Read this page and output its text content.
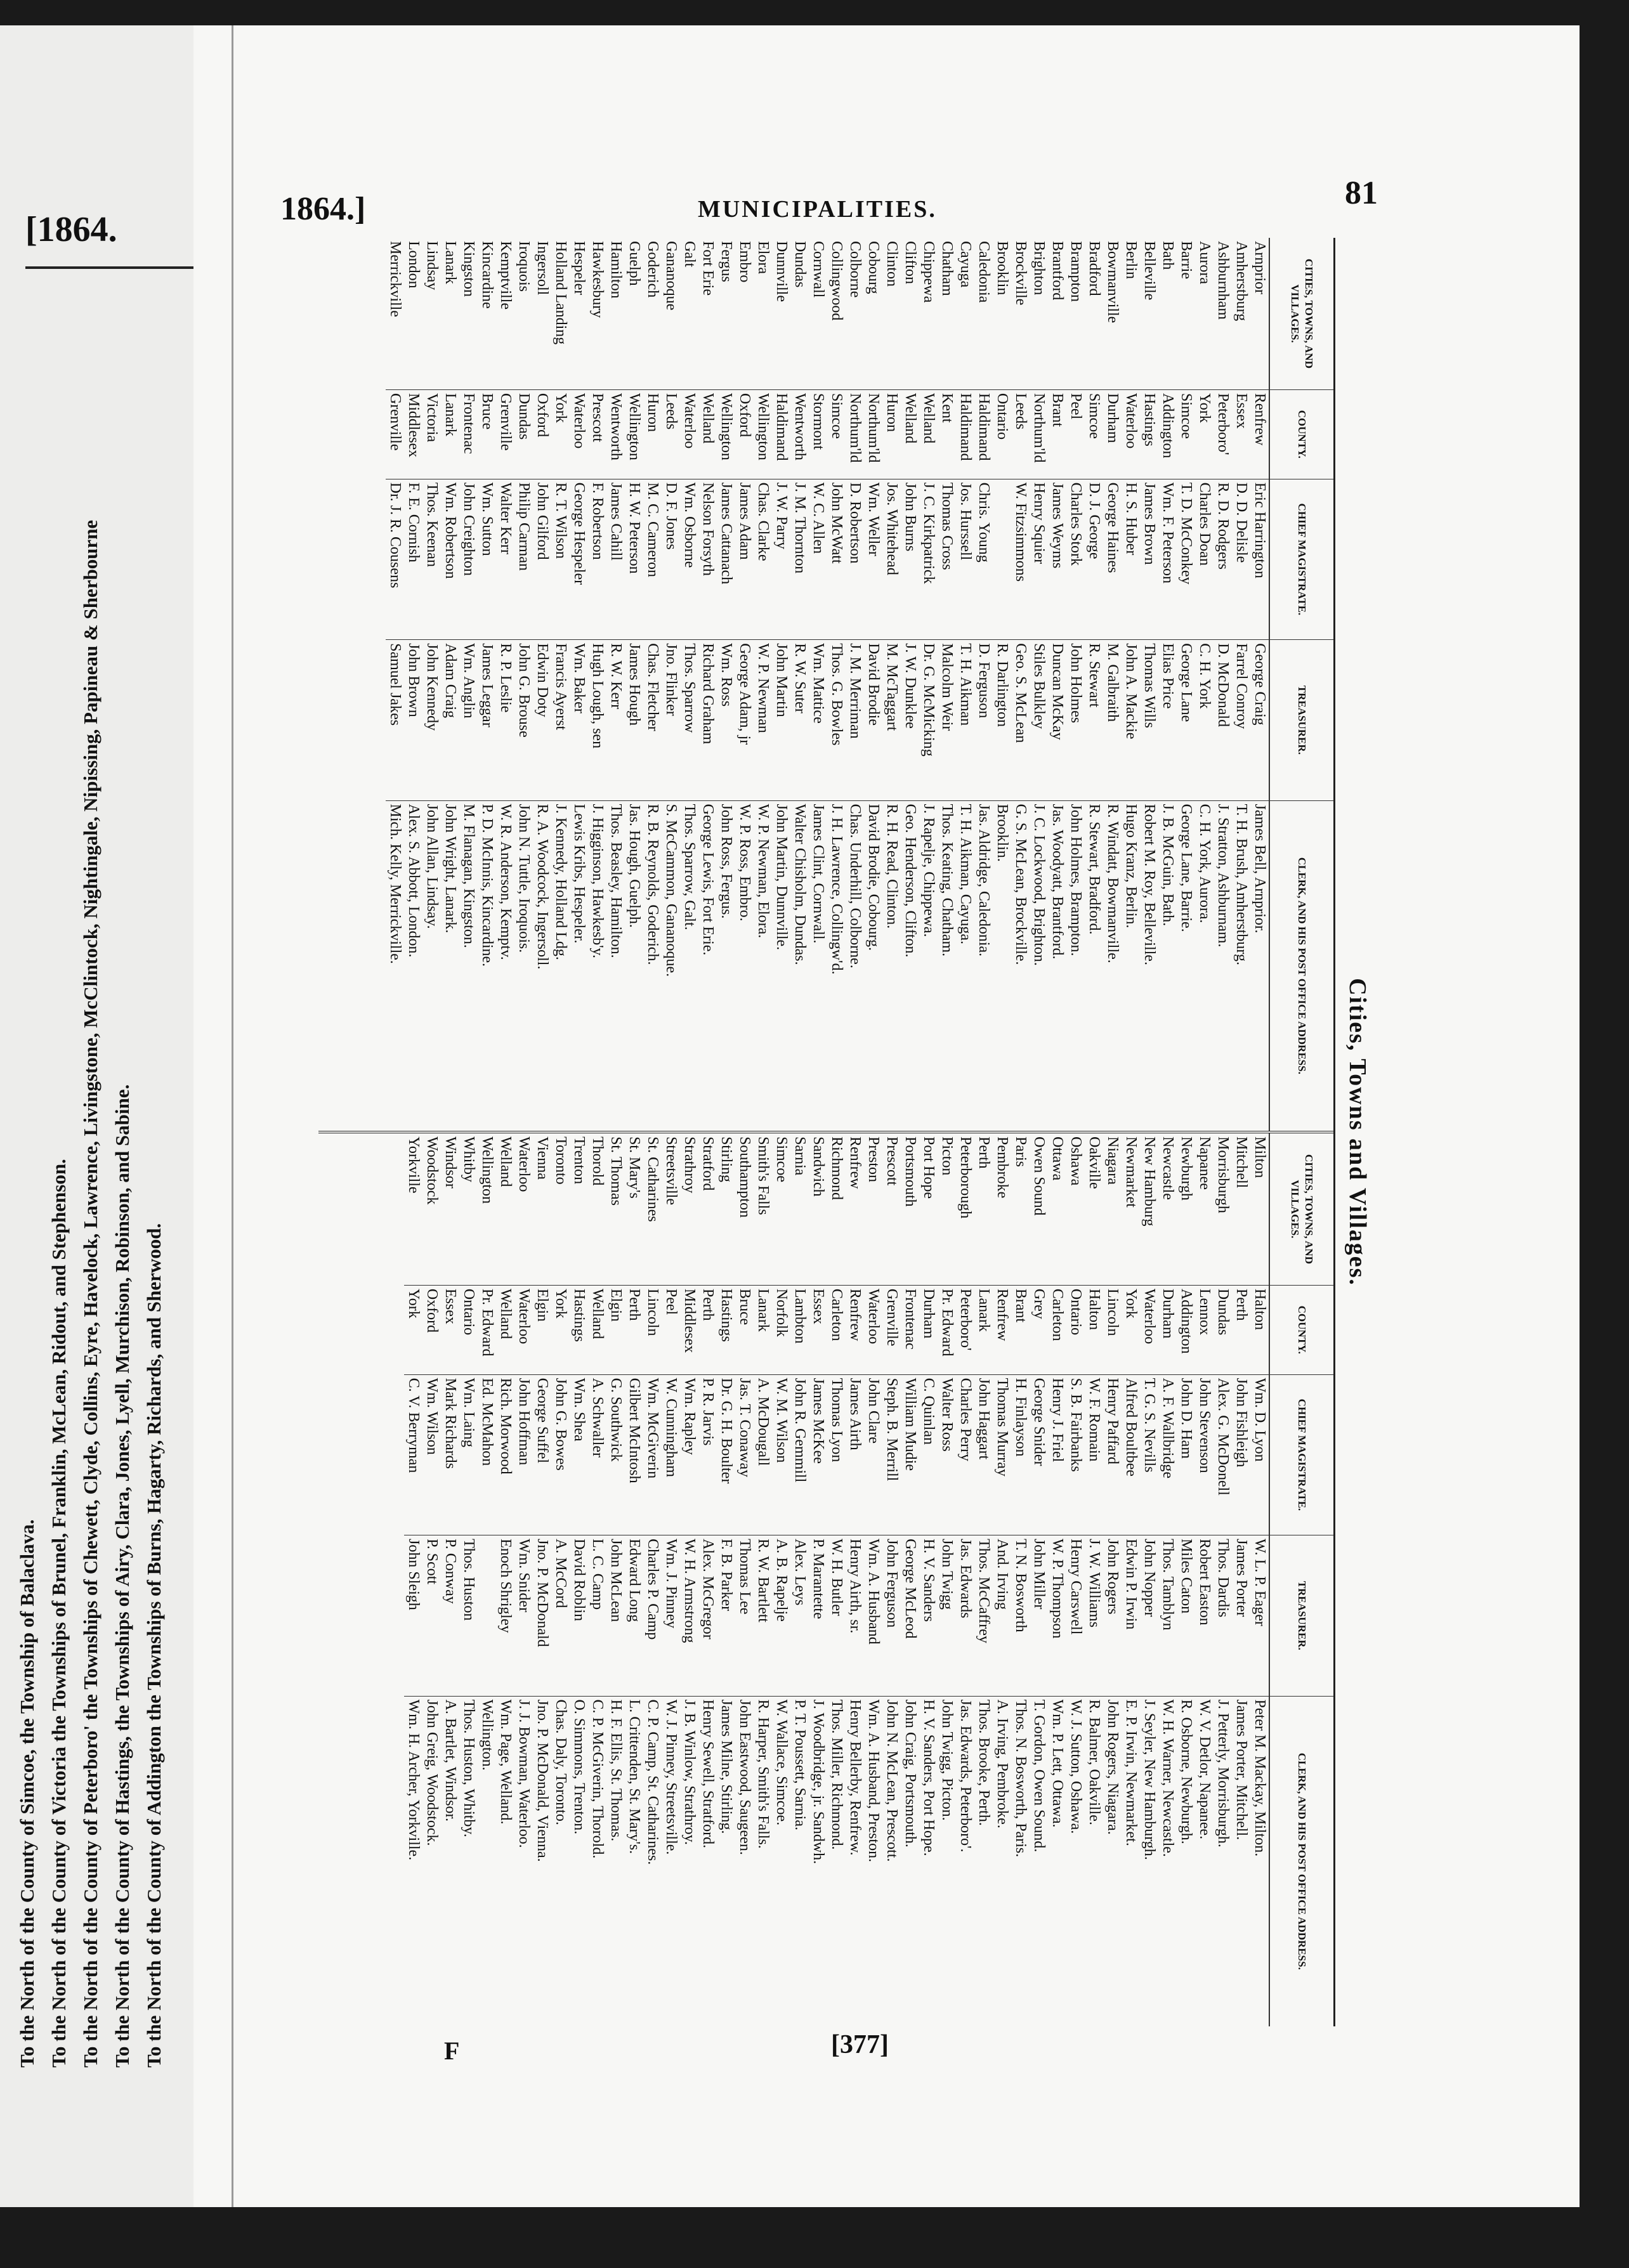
[1864.
To the North of the County of Simcoe, the Township of Balaclava. To the North of the County of Victoria the Townships of Brunel, Franklin, McLean, Ridout, and Stephenson. To the North of the County of Peterboro' the Townships of Chewett, Clyde, Collins, Eyre, Havelock, Lawrence, Livingstone, McClintock, Nightingale, Nipissing, Papineau & Sherbourne To the North of the County of Hastings, the Townships of Airy, Clara, Jones, Lyell, Murchison, Robinson, and Sabine. To the North of the County of Addington the Townships of Burns, Hagarty, Richards, and Sherwood.
1864.]	MUNICIPALITIES.	81
Cities, Towns and Villages.
CITIES, TOWNS, AND VILLAGES.	COUNTY.	CHIEF MAGISTRATE.	TREASURER.	CLERK, AND HIS POST OFFICE ADDRESS.
Arnprior	Renfrew	Eric Harrington	George Craig	James Bell, Arnprior.
Amherstburg	Essex	D. D. Delisle	Farrel Conroy	T. H. Brush, Amherstburg.
Ashburnham	Peterboro'	R. D. Rodgers	D. McDonald	J. Stratton, Ashburnam.
Aurora	York	Charles Doan	C. H. York	C. H. York, Aurora.
Barrie	Simcoe	T. D. McConkey	George Lane	George Lane, Barrie.
Bath	Addington	Wm. F. Peterson	Elias Price	J. B. McGuin, Bath.
Belleville	Hastings	James Brown	Thomas Wills	Robert M. Roy, Belleville.
Berlin	Waterloo	H. S. Huber	John A. Mackie	Hugo Kranz, Berlin.
Bowmanville	Durham	George Haines	M. Galbraith	R. Windatt, Bowmanville.
Bradford	Simcoe	D. J. George	R. Stewart	R. Stewart, Bradford.
Brampton	Peel	Charles Stork	John Holmes	John Holmes, Brampton.
Brantford	Brant	James Weyms	Duncan McKay	Jas. Woodyatt, Brantford.
Brighton	Northum'ld	Henry Squier	Stiles Bulkley	J. C. Lockwood, Brighton.
Brockville	Leeds	W. Fitzsimmons	Geo. S. McLean	G. S. McLean, Brockville.
Brooklin	Ontario		R. Darlington	Brooklin.
Caledonia	Haldimand	Chris. Young	D. Ferguson	Jas. Aldridge, Caledonia.
Cayuga	Haldimand	Jos. Hurssell	T. H. Aikman	T. H. Aikman, Cayuga.
Chatham	Kent	Thomas Cross	Malcolm Weir	Thos. Keating, Chatham.
Chippewa	Welland	J. C. Kirkpatrick	Dr. G. McMicking	J. Rapelje, Chippewa.
Clifton	Welland	John Burns	J. W. Dunklee	Geo. Henderson, Clifton.
Clinton	Huron	Jos. Whitehead	M. McTaggart	R. H. Read, Clinton.
Cobourg	Northum'ld	Wm. Weller	David Brodie	David Brodie, Cobourg.
Colborne	Northum'ld	D. Robertson	J. M. Merriman	Chas. Underhill, Colborne.
Collingwood	Simcoe	John McWatt	Thos. G. Bowles	J. H. Lawrence, Collingw'd.
Cornwall	Stormont	W. C. Allen	Wm. Mattice	James Clint, Cornwall.
Dundas	Wentworth	J. M. Thornton	R. W. Suter	Walter Chisholm, Dundas.
Dunnville	Haldimand	J. W. Parry	John Martin	John Martin, Dunnville.
Elora	Wellington	Chas. Clarke	W. P. Newman	W. P. Newman, Elora.
Embro	Oxford	James Adam	George Adam, jr	W. P. Ross, Embro.
Fergus	Wellington	James Cattanach	Wm. Ross	John Ross, Fergus.
Fort Erie	Welland	Nelson Forsyth	Richard Graham	George Lewis, Fort Erie.
Galt	Waterloo	Wm. Osborne	Thos. Sparrow	Thos. Sparrow, Galt.
Gananoque	Leeds	D. F. Jones	Jno. Flinker	S. McCammon, Gananoque.
Goderich	Huron	M. C. Cameron	Chas. Fletcher	R. B. Reynolds, Goderich.
Guelph	Wellington	H. W. Peterson	James Hough	Jas. Hough, Guelph.
Hamilton	Wentworth	James Cahill	R. W. Kerr	Thos. Beasley, Hamilton.
Hawkesbury	Prescott	F. Robertson	Hugh Lough, sen	J. Higginson, Hawkesb'y.
Hespeler	Waterloo	George Hespeler	Wm. Baker	Lewis Kribs, Hespeler.
Holland Landing	York	R. T. Wilson	Francis Ayerst	J. Kennedy, Holland Ldg.
Ingersoll	Oxford	John Gilford	Edwin Doty	R. A. Woodcock, Ingersoll.
Iroquois	Dundas	Philip Carman	John G. Brouse	John N. Tuttle, Iroquois.
Kemptville	Grenville	Walter Kerr	R. P. Leslie	W. R. Anderson, Kemptv.
Kincardine	Bruce	Wm. Sutton	James Leggar	P. D. McInnis, Kincardine.
Kingston	Frontenac	John Creighton	Wm. Anglin	M. Flanagan, Kingston.
Lanark	Lanark	Wm. Robertson	Adam Craig	John Wright, Lanark.
Lindsay	Victoria	Thos. Keenan	John Kennedy	John Allan, Lindsay.
London	Middlesex	F. E. Cornish	John Brown	Alex. S. Abbott, London.
Merrickville	Grenville	Dr. J. R. Cousens	Samuel Jakes	Mich. Kelly, Merrickville.
CITIES, TOWNS, AND VILLAGES.	COUNTY.	CHIEF MAGISTRATE.	TREASURER.	CLERK, AND HIS POST OFFICE ADDRESS.
Milton	Halton	Wm. D. Lyon	W. L. P. Eager	Peter M. Mackay, Milton.
Mitchell	Perth	John Fishleigh	James Porter	James Porter, Mitchell.
Morrisburgh	Dundas	Alex. G. McDonell	Thos. Dardis	J. Petterly, Morrisburgh.
Napanee	Lennox	John Stevenson	Robert Easton	W. V. Detlor, Napanee.
Newburgh	Addington	John D. Ham	Miles Caton	R. Osborne, Newburgh.
Newcastle	Durham	A. F. Wallbridge	Thos. Tamblyn	W. H. Warner, Newcastle.
New Hamburg	Waterloo	T. G. S. Nevills	John Nopper	J. Seyler, New Hamburgh.
Newmarket	York	Alfred Boultbee	Edwin P. Irwin	E. P. Irwin, Newmarket.
Niagara	Lincoln	Henry Paffard	John Rogers	John Rogers, Niagara.
Oakville	Halton	W. F. Romain	J. W. Williams	R. Balmer, Oakville.
Oshawa	Ontario	S. B. Fairbanks	Henry Carswell	W. J. Sutton, Oshawa.
Ottawa	Carleton	Henry J. Friel	W. P. Thompson	Wm. P. Lett, Ottawa.
Owen Sound	Grey	George Snider	John Miller	T. Gordon, Owen Sound.
Paris	Brant	H. Finlayson	T. N. Bosworth	Thos. N. Bosworth, Paris.
Pembroke	Renfrew	Thomas Murray	And. Irving	A. Irving, Pembroke.
Perth	Lanark	John Haggart	Thos. McCaffrey	Thos. Brooke, Perth.
Peterborough	Peterboro'	Charles Perry	Jas. Edwards	Jas. Edwards, Peterboro'.
Picton	Pr. Edward	Walter Ross	John Twigg	John Twigg, Picton.
Port Hope	Durham	C. Quinlan	H. V. Sanders	H. V. Sanders, Port Hope.
Portsmouth	Frontenac	William Mudie	George McLeod	John Craig, Portsmouth.
Prescott	Grenville	Steph. B. Merrill	John Ferguson	John N. McLean, Prescott.
Preston	Waterloo	John Clare	Wm. A. Husband	Wm. A. Husband, Preston.
Renfrew	Renfrew	James Airth	Henry Airth, sr.	Henry Bellerby, Renfrew.
Richmond	Carleton	Thomas Lyon	W. H. Butler	Thos. Miller, Richmond.
Sandwich	Essex	James McKee	P. Marantette	J. Woodbridge, jr. Sandwh.
Sarnia	Lambton	John R. Gemmill	Alex. Leys	P. T. Poussett, Sarnia.
Simcoe	Norfolk	W. M. Wilson	A. B. Rapelje	W. Wallace, Simcoe.
Smith's Falls	Lanark	A. McDougall	R. W. Bartlett	R. Harper, Smith's Falls.
Southampton	Bruce	Jas. T. Conaway	Thomas Lee	John Eastwood, Saugeen.
Stirling	Hastings	Dr. G. H. Boulter	F. B. Parker	James Milne, Stirling.
Stratford	Perth	P. R. Jarvis	Alex. McGregor	Henry Sewell, Stratford.
Strathroy	Middlesex	Wm. Rapley	W. H. Armstrong	J. B. Winlow, Strathroy.
Streetsville	Peel	W. Cunningham	Wm. J. Pinney	W. J. Pinney, Streetsville.
St. Catharines	Lincoln	Wm. McGiverin	Charles P. Camp	C. P. Camp, St. Catharines.
St. Mary's	Perth	Gilbert McIntosh	Edward Long	L. Crittenden, St. Mary's.
St. Thomas	Elgin	G. Southwick	John McLean	H. F. Ellis, St. Thomas.
Thorold	Welland	A. Schwaller	L. C. Camp	C. P. McGiverin, Thorold.
Trenton	Hastings	Wm. Shea	David Roblin	O. Simmons, Trenton.
Toronto	York	John G. Bowes	A. McCord	Chas. Daly, Toronto.
Vienna	Elgin	George Suffel	Jno. P. McDonald	Jno. P. McDonald, Vienna.
Waterloo	Waterloo	John Hoffman	Wm. Snider	J. J. Bowman, Waterloo.
Welland	Welland	Rich. Morwood	Enoch Shrigley	Wm. Page, Welland.
Wellington	Pr. Edward	Ed. McMahon		Wellington.
Whitby	Ontario	Wm. Laing	Thos. Huston	Thos. Huston, Whitby.
Windsor	Essex	Mark Richards	P. Conway	A. Bartlet, Windsor.
Woodstock	Oxford	Wm. Wilson	P. Scott	John Greig, Woodstock.
Yorkville	York	C. V. Berryman	John Sleigh	Wm. H. Archer, Yorkville.
F	[377]
